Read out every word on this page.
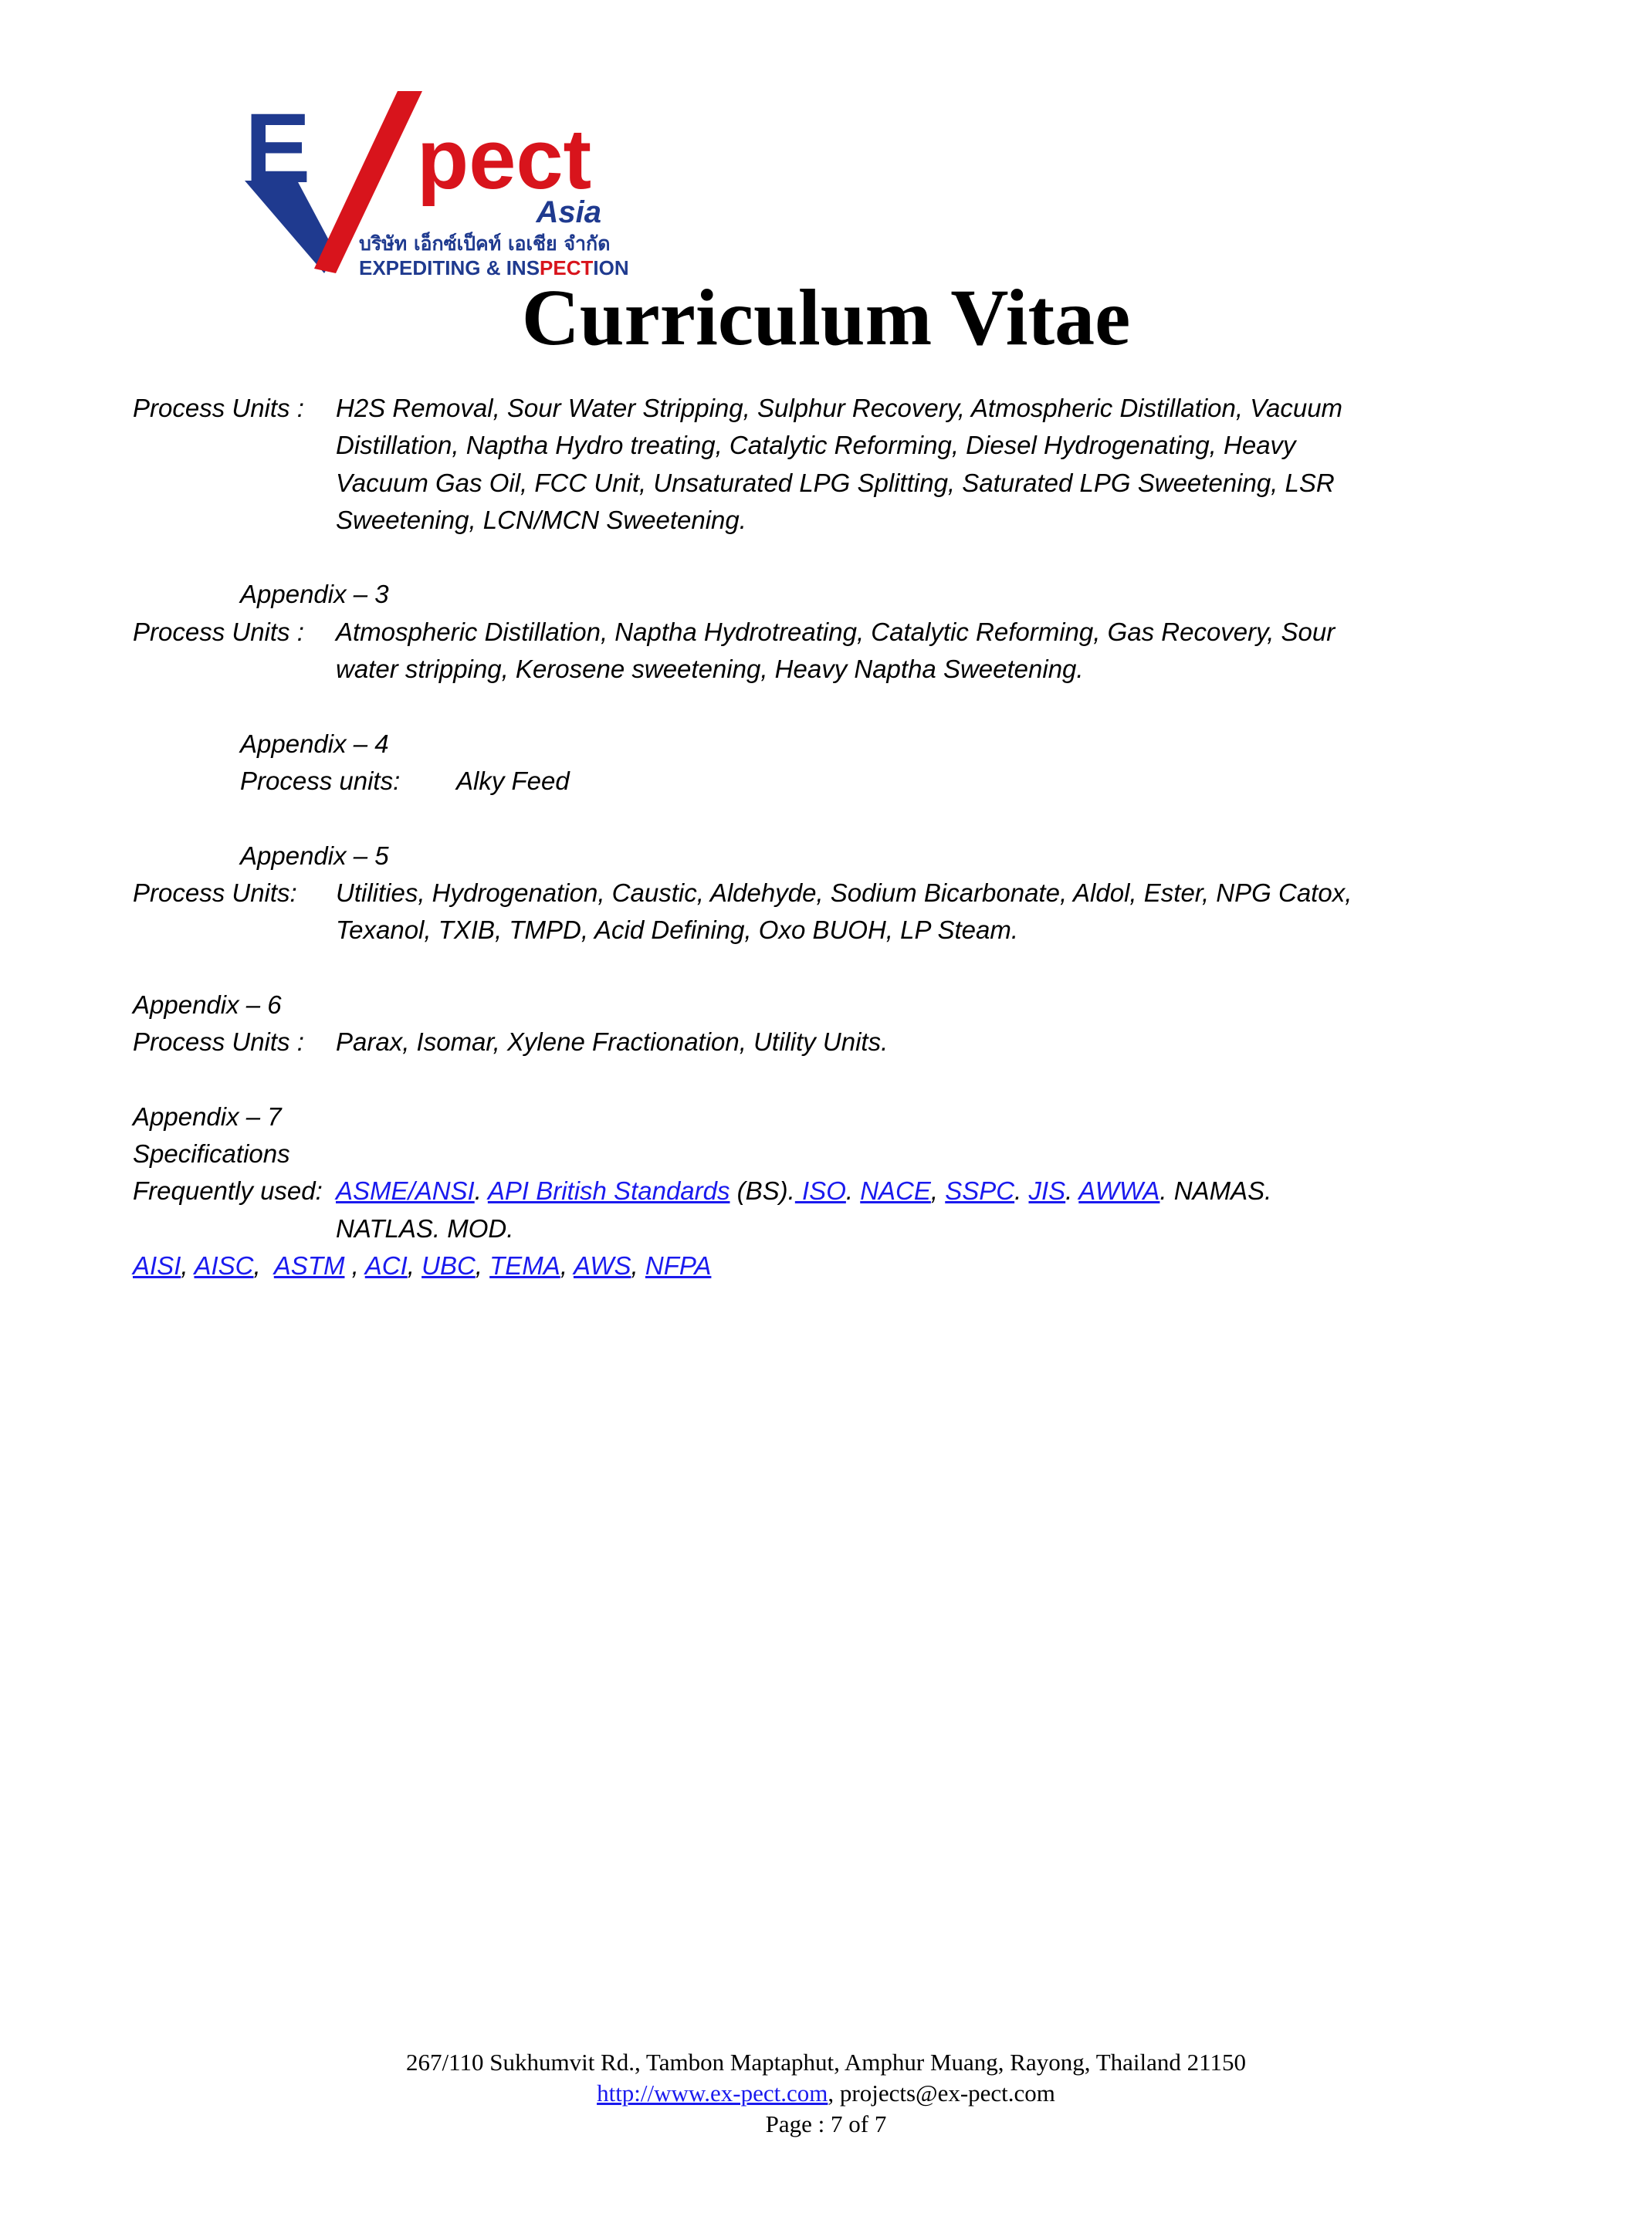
E pect
Asia
บริษัท เอ็กซ์เป็คท์ เอเชีย จำกัด
EXPEDITING & INSPECTION
Curriculum Vitae
Process Units :	H2S Removal, Sour Water Stripping, Sulphur Recovery, Atmospheric Distillation, Vacuum
Distillation, Naptha Hydro treating, Catalytic Reforming, Diesel Hydrogenating, Heavy
Vacuum Gas Oil, FCC Unit, Unsaturated LPG Splitting, Saturated LPG Sweetening, LSR
Sweetening, LCN/MCN Sweetening.
Appendix – 3
Process Units :	Atmospheric Distillation, Naptha Hydrotreating, Catalytic Reforming, Gas Recovery, Sour
water stripping, Kerosene sweetening, Heavy Naptha Sweetening.
Appendix – 4
Process units:	Alky Feed
Appendix – 5
Process Units:	Utilities, Hydrogenation, Caustic, Aldehyde, Sodium Bicarbonate, Aldol, Ester, NPG Catox,
Texanol, TXIB, TMPD, Acid Defining, Oxo BUOH, LP Steam.
Appendix – 6
Process Units :	Parax, Isomar, Xylene Fractionation, Utility Units.
Appendix – 7
Specifications
Frequently used: ASME/ANSI. API British Standards (BS). ISO. NACE, SSPC. JIS. AWWA. NAMAS.
NATLAS. MOD.
AISI, AISC,  ASTM , ACI, UBC, TEMA, AWS, NFPA
267/110 Sukhumvit Rd., Tambon Maptaphut, Amphur Muang, Rayong, Thailand 21150
http://www.ex-pect.com, projects@ex-pect.com
Page : 7 of 7
